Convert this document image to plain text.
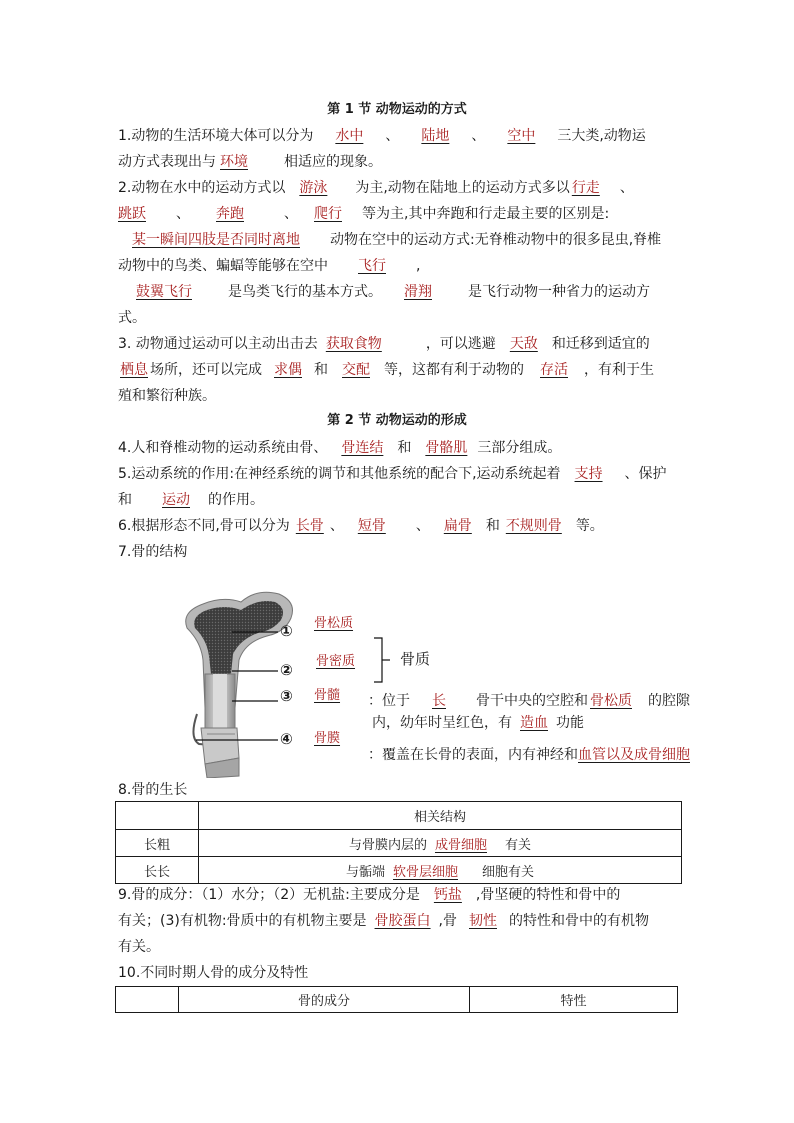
第 1 节 动物运动的方式
1.动物的生活环境大体可以分为 水中 、 陆地 、 空中 三大类,动物运
动方式表现出与 环境	相适应的现象。
2.动物在水中的运动方式以 游泳 为主,动物在陆地上的运动方式多以 行走 、
跳跃 、 奔跑	、 爬行 等为主,其中奔跑和行走最主要的区别是:
某一瞬间四肢是否同时离地 动物在空中的运动方式:无脊椎动物中的很多昆虫,脊椎
动物中的鸟类、蝙蝠等能够在空中 飞行 ,
鼓翼飞行	是鸟类飞行的基本方式。 滑翔	是飞行动物一种省力的运动方
式。
3. 动物通过运动可以主动出击去 获取食物	，可以逃避 天敌 和迁移到适宜的
栖息 场所，还可以完成 求偶 和 交配 等，这都有利于动物的 存活 ，有利于生
殖和繁衍种族。
第 2 节 动物运动的形成
4.人和脊椎动物的运动系统由骨、 骨连结 和 骨骼肌 三部分组成。
5.运动系统的作用:在神经系统的调节和其他系统的配合下,运动系统起着 支持 、保护
和 运动 的作用。
6.根据形态不同,骨可以分为 长骨 、 短骨 、 扁骨 和 不规则骨 等。
7.骨的结构
①
②
③
④
骨松质
骨密质
骨髓
骨膜
骨质
：位于 长 骨干中央的空腔和 骨松质 的腔隙
内，幼年时呈红色，有 造血 功能
：覆盖在长骨的表面，内有神经和血管以及成骨细胞
8.骨的生长
	相关结构
长粗	与骨膜内层的 成骨细胞 有关
长长	与骺端 软骨层细胞 细胞有关
9.骨的成分：（1）水分；（2）无机盐:主要成分是 钙盐 ,骨坚硬的特性和骨中的
有关；(3)有机物:骨质中的有机物主要是 骨胶蛋白 ,骨 韧性 的特性和骨中的有机物
有关。
10.不同时期人骨的成分及特性
	骨的成分	特性
